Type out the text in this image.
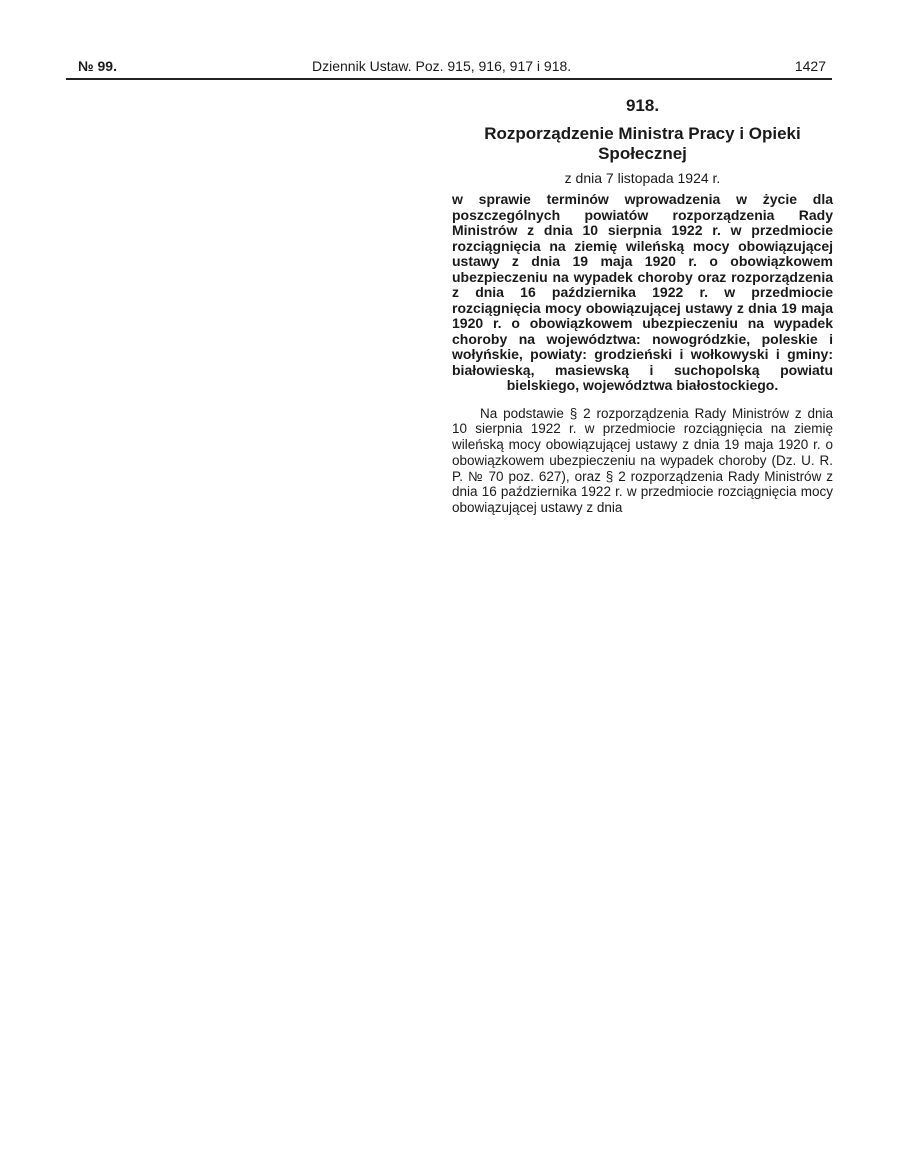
№ 99.	Dziennik Ustaw. Poz. 915, 916, 917 i 918.	1427
918.
Rozporządzenie Ministra Pracy i Opieki Społecznej
z dnia 7 listopada 1924 r.
w sprawie terminów wprowadzenia w życie dla poszczególnych powiatów rozporządzenia Rady Ministrów z dnia 10 sierpnia 1922 r. w przedmiocie rozciągnięcia na ziemię wileńską mocy obowiązującej ustawy z dnia 19 maja 1920 r. o obowiązkowem ubezpieczeniu na wypadek choroby oraz rozporządzenia z dnia 16 października 1922 r. w przedmiocie rozciągnięcia mocy obowiązującej ustawy z dnia 19 maja 1920 r. o obowiązkowem ubezpieczeniu na wypadek choroby na województwa: nowogródzkie, poleskie i wołyńskie, powiaty: grodzieński i wołkowyski i gminy: białowieską, masiewską i suchopolską powiatu bielskiego, województwa białostockiego.
Na podstawie § 2 rozporządzenia Rady Ministrów z dnia 10 sierpnia 1922 r. w przedmiocie rozciągnięcia na ziemię wileńską mocy obowiązującej ustawy z dnia 19 maja 1920 r. o obowiązkowem ubezpieczeniu na wypadek choroby (Dz. U. R. P. № 70 poz. 627), oraz § 2 rozporządzenia Rady Ministrów z dnia 16 października 1922 r. w przedmiocie rozciągnięcia mocy obowiązującej ustawy z dnia
